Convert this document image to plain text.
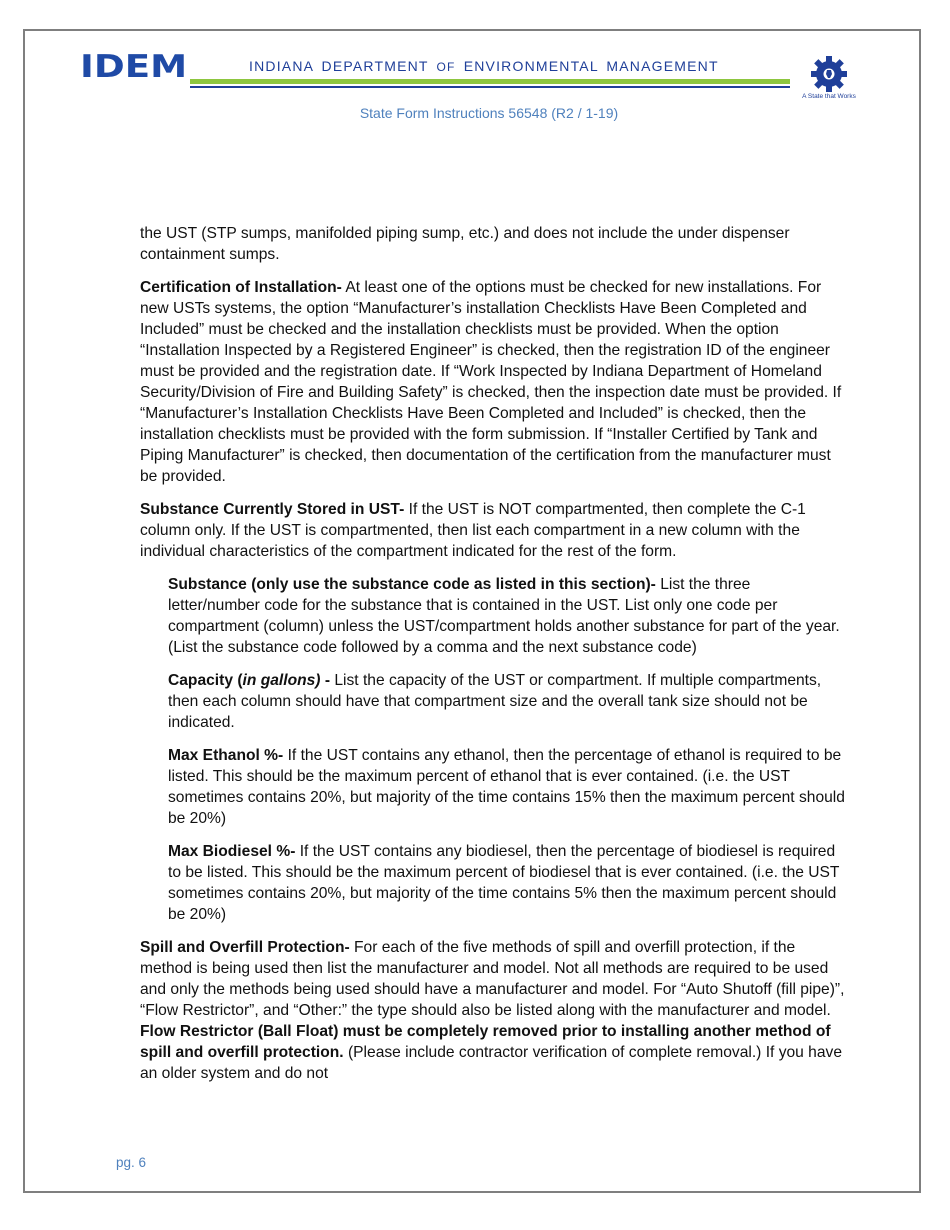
IDEM	INDIANA DEPARTMENT OF ENVIRONMENTAL MANAGEMENT
A State that Works
State Form Instructions 56548 (R2 / 1-19)

the UST (STP sumps, manifolded piping sump, etc.) and does not include the under dispenser containment sumps.

Certification of Installation- At least one of the options must be checked for new installations. For new USTs systems, the option “Manufacturer’s installation Checklists Have Been Completed and Included” must be checked and the installation checklists must be provided. When the option “Installation Inspected by a Registered Engineer” is checked, then the registration ID of the engineer must be provided and the registration date. If “Work Inspected by Indiana Department of Homeland Security/Division of Fire and Building Safety” is checked, then the inspection date must be provided. If “Manufacturer’s Installation Checklists Have Been Completed and Included” is checked, then the installation checklists must be provided with the form submission. If “Installer Certified by Tank and Piping Manufacturer” is checked, then documentation of the certification from the manufacturer must be provided.

Substance Currently Stored in UST- If the UST is NOT compartmented, then complete the C-1 column only. If the UST is compartmented, then list each compartment in a new column with the individual characteristics of the compartment indicated for the rest of the form.

Substance (only use the substance code as listed in this section)- List the three letter/number code for the substance that is contained in the UST. List only one code per compartment (column) unless the UST/compartment holds another substance for part of the year. (List the substance code followed by a comma and the next substance code)

Capacity (in gallons) - List the capacity of the UST or compartment. If multiple compartments, then each column should have that compartment size and the overall tank size should not be indicated.

Max Ethanol %- If the UST contains any ethanol, then the percentage of ethanol is required to be listed. This should be the maximum percent of ethanol that is ever contained. (i.e. the UST sometimes contains 20%, but majority of the time contains 15% then the maximum percent should be 20%)

Max Biodiesel %- If the UST contains any biodiesel, then the percentage of biodiesel is required to be listed. This should be the maximum percent of biodiesel that is ever contained. (i.e. the UST sometimes contains 20%, but majority of the time contains 5% then the maximum percent should be 20%)

Spill and Overfill Protection- For each of the five methods of spill and overfill protection, if the method is being used then list the manufacturer and model. Not all methods are required to be used and only the methods being used should have a manufacturer and model. For “Auto Shutoff (fill pipe)”, “Flow Restrictor”, and “Other:” the type should also be listed along with the manufacturer and model. Flow Restrictor (Ball Float) must be completely removed prior to installing another method of spill and overfill protection. (Please include contractor verification of complete removal.) If you have an older system and do not

pg. 6
